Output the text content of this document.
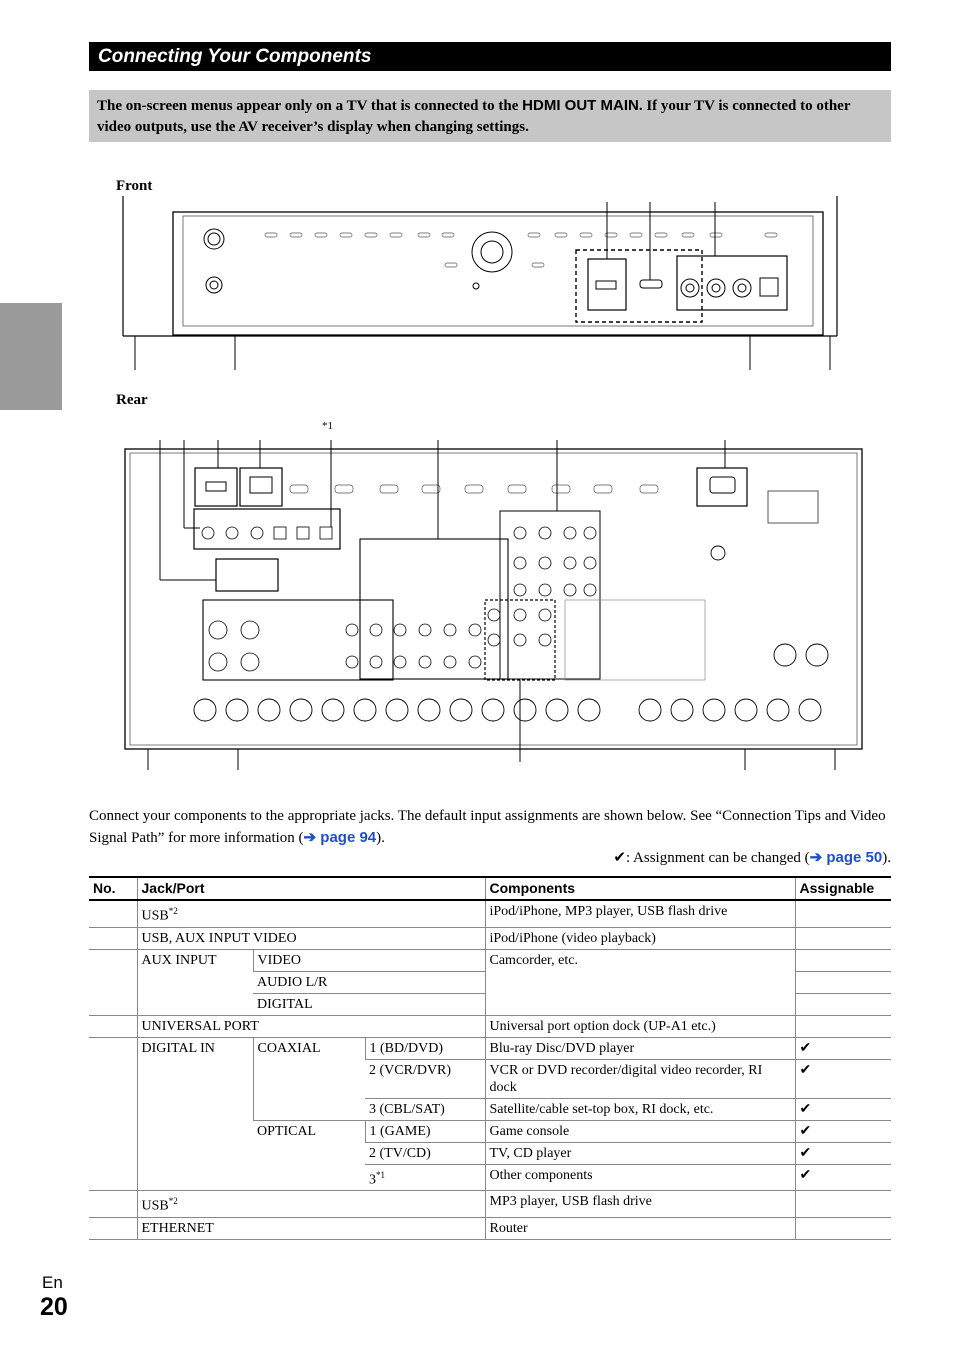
Connecting Your Components
The on-screen menus appear only on a TV that is connected to the HDMI OUT MAIN. If your TV is connected to other video outputs, use the AV receiver’s display when changing settings.
Front
Rear
*1
Connect your components to the appropriate jacks. The default input assignments are shown below. See “Connection Tips and Video Signal Path” for more information (➔ page 94).
✔: Assignment can be changed (➔ page 50).
No.	Jack/Port			Components	Assignable
	USB$^{*2}$			iPod/iPhone, MP3 player, USB flash drive	
	USB, AUX INPUT VIDEO			iPod/iPhone (video playback)	
	AUX INPUT	VIDEO		Camcorder, etc.	
		AUDIO L/R			
		DIGITAL			
	UNIVERSAL PORT			Universal port option dock (UP-A1 etc.)	
	DIGITAL IN	COAXIAL	1 (BD/DVD)	Blu-ray Disc/DVD player	✔
			2 (VCR/DVR)	VCR or DVD recorder/digital video recorder, RI dock	✔
			3 (CBL/SAT)	Satellite/cable set-top box, RI dock, etc.	✔
		OPTICAL	1 (GAME)	Game console	✔
			2 (TV/CD)	TV, CD player	✔
			3$^{*1}$	Other components	✔
	USB$^{*2}$			MP3 player, USB flash drive	
	ETHERNET			Router	
En
20
